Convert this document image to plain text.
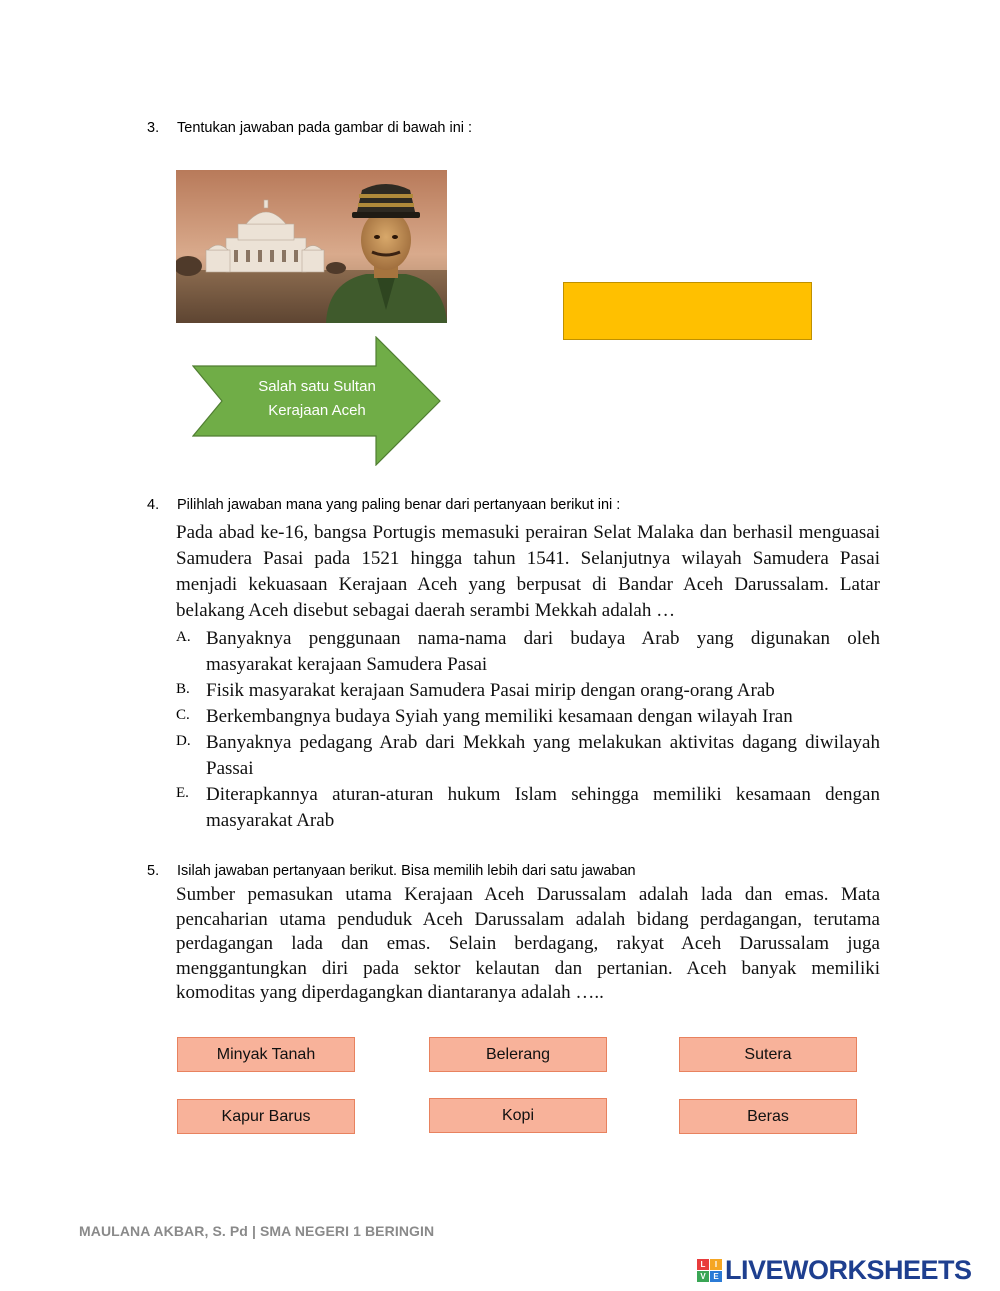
3. Tentukan jawaban pada gambar di bawah ini :
Salah satu Sultan
Kerajaan Aceh
4. Pilihlah jawaban mana yang paling benar dari pertanyaan berikut ini :
Pada abad ke-16, bangsa Portugis memasuki perairan Selat Malaka dan berhasil menguasai
Samudera Pasai pada 1521 hingga tahun 1541. Selanjutnya wilayah Samudera Pasai
menjadi kekuasaan Kerajaan Aceh yang berpusat di Bandar Aceh Darussalam. Latar
belakang Aceh disebut sebagai daerah serambi Mekkah adalah …
A. Banyaknya penggunaan nama-nama dari budaya Arab yang digunakan oleh
masyarakat kerajaan Samudera Pasai
B. Fisik masyarakat kerajaan Samudera Pasai mirip dengan orang-orang Arab
C. Berkembangnya budaya Syiah yang memiliki kesamaan dengan wilayah Iran
D. Banyaknya pedagang Arab dari Mekkah yang melakukan aktivitas dagang diwilayah
Passai
E. Diterapkannya aturan-aturan hukum Islam sehingga memiliki kesamaan dengan
masyarakat Arab
5. Isilah jawaban pertanyaan berikut. Bisa memilih lebih dari satu jawaban
Sumber pemasukan utama Kerajaan Aceh Darussalam adalah lada dan emas. Mata
pencaharian utama penduduk Aceh Darussalam adalah bidang perdagangan, terutama
perdagangan lada dan emas. Selain berdagang, rakyat Aceh Darussalam juga
menggantungkan diri pada sektor kelautan dan pertanian. Aceh banyak memiliki
komoditas yang diperdagangkan diantaranya adalah …..
Minyak Tanah	Belerang	Sutera
Kapur Barus	Kopi	Beras
MAULANA AKBAR, S. Pd | SMA NEGERI 1 BERINGIN
L	I
V E LIVEWORKSHEETS
